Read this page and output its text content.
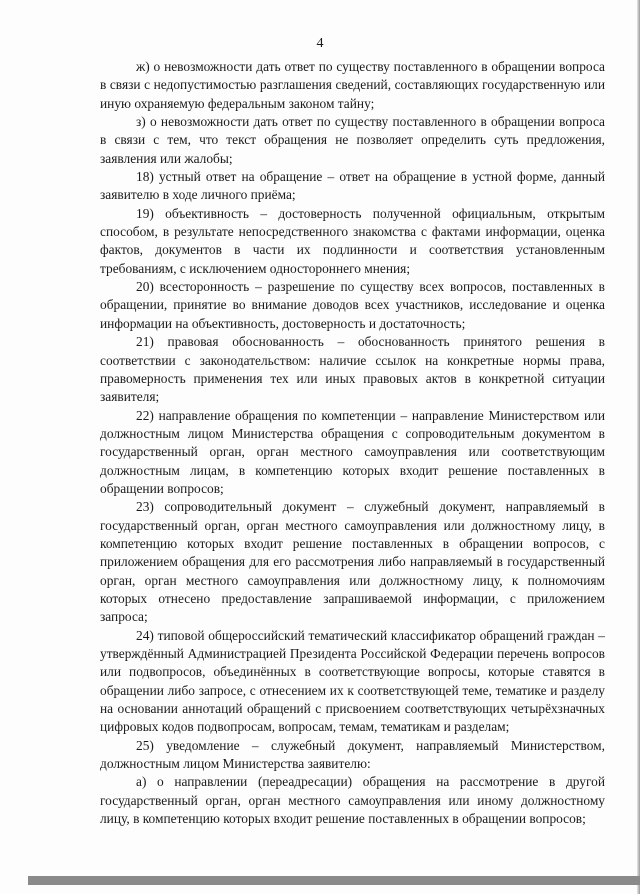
4

ж) о невозможности дать ответ по существу поставленного в обращении вопроса в связи с недопустимостью разглашения сведений, составляющих государственную или иную охраняемую федеральным законом тайну;

з) о невозможности дать ответ по существу поставленного в обращении вопроса в связи с тем, что текст обращения не позволяет определить суть предложения, заявления или жалобы;

18) устный ответ на обращение – ответ на обращение в устной форме, данный заявителю в ходе личного приёма;

19) объективность – достоверность полученной официальным, открытым способом, в результате непосредственного знакомства с фактами информации, оценка фактов, документов в части их подлинности и соответствия установленным требованиям, с исключением одностороннего мнения;

20) всесторонность – разрешение по существу всех вопросов, поставленных в обращении, принятие во внимание доводов всех участников, исследование и оценка информации на объективность, достоверность и достаточность;

21) правовая обоснованность – обоснованность принятого решения в соответствии с законодательством: наличие ссылок на конкретные нормы права, правомерность применения тех или иных правовых актов в конкретной ситуации заявителя;

22) направление обращения по компетенции – направление Министерством или должностным лицом Министерства обращения с сопроводительным документом в государственный орган, орган местного самоуправления или соответствующим должностным лицам, в компетенцию которых входит решение поставленных в обращении вопросов;

23) сопроводительный документ – служебный документ, направляемый в государственный орган, орган местного самоуправления или должностному лицу, в компетенцию которых входит решение поставленных в обращении вопросов, с приложением обращения для его рассмотрения либо направляемый в государственный орган, орган местного самоуправления или должностному лицу, к полномочиям которых отнесено предоставление запрашиваемой информации, с приложением запроса;

24) типовой общероссийский тематический классификатор обращений граждан – утверждённый Администрацией Президента Российской Федерации перечень вопросов или подвопросов, объединённых в соответствующие вопросы, которые ставятся в обращении либо запросе, с отнесением их к соответствующей теме, тематике и разделу на основании аннотаций обращений с присвоением соответствующих четырёхзначных цифровых кодов подвопросам, вопросам, темам, тематикам и разделам;

25) уведомление – служебный документ, направляемый Министерством, должностным лицом Министерства заявителю:

а) о направлении (переадресации) обращения на рассмотрение в другой государственный орган, орган местного самоуправления или иному должностному лицу, в компетенцию которых входит решение поставленных в обращении вопросов;
